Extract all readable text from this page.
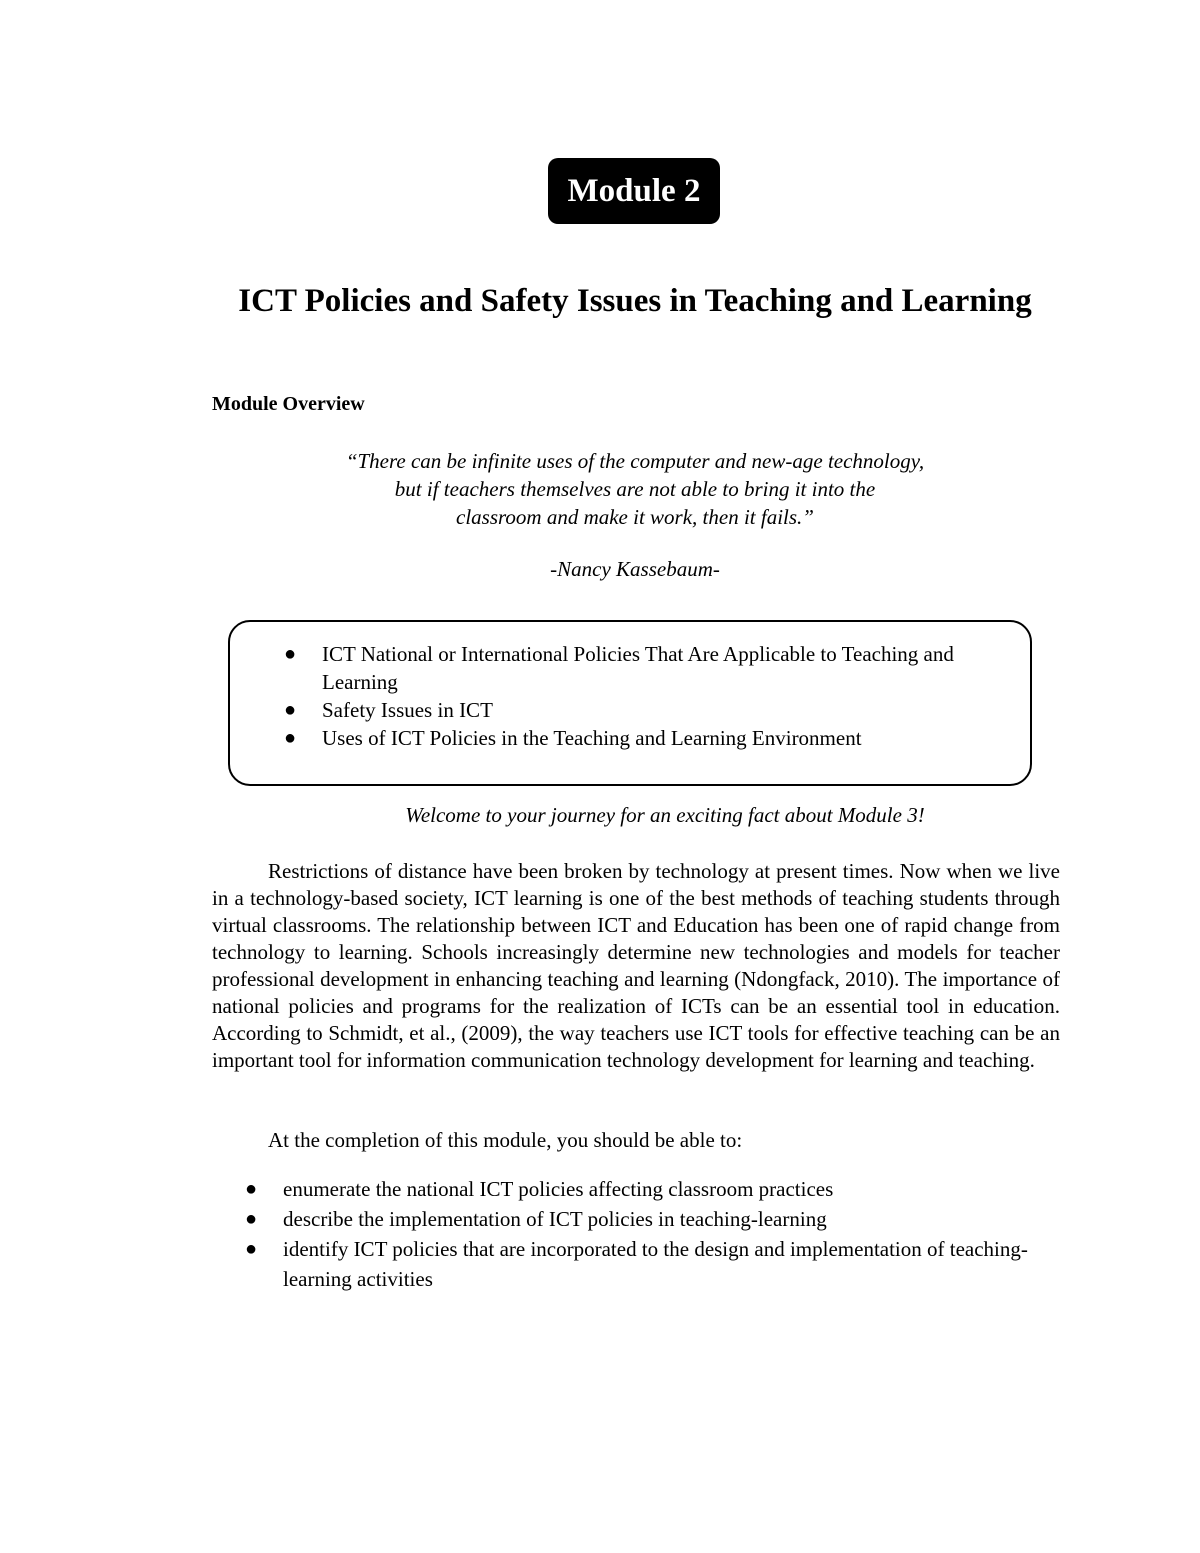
Module 2
ICT Policies and Safety Issues in Teaching and Learning
Module Overview

“There can be infinite uses of the computer and new-age technology,
but if teachers themselves are not able to bring it into the
classroom and make it work, then it fails.”

-Nancy Kassebaum-

● ICT National or International Policies That Are Applicable to Teaching and Learning
● Safety Issues in ICT
● Uses of ICT Policies in the Teaching and Learning Environment

Welcome to your journey for an exciting fact about Module 3!

Restrictions of distance have been broken by technology at present times. Now when we live in a technology-based society, ICT learning is one of the best methods of teaching students through virtual classrooms. The relationship between ICT and Education has been one of rapid change from technology to learning. Schools increasingly determine new technologies and models for teacher professional development in enhancing teaching and learning (Ndongfack, 2010). The importance of national policies and programs for the realization of ICTs can be an essential tool in education. According to Schmidt, et al., (2009), the way teachers use ICT tools for effective teaching can be an important tool for information communication technology development for learning and teaching.

At the completion of this module, you should be able to:

● enumerate the national ICT policies affecting classroom practices
● describe the implementation of ICT policies in teaching-learning
● identify ICT policies that are incorporated to the design and implementation of teaching-learning activities
